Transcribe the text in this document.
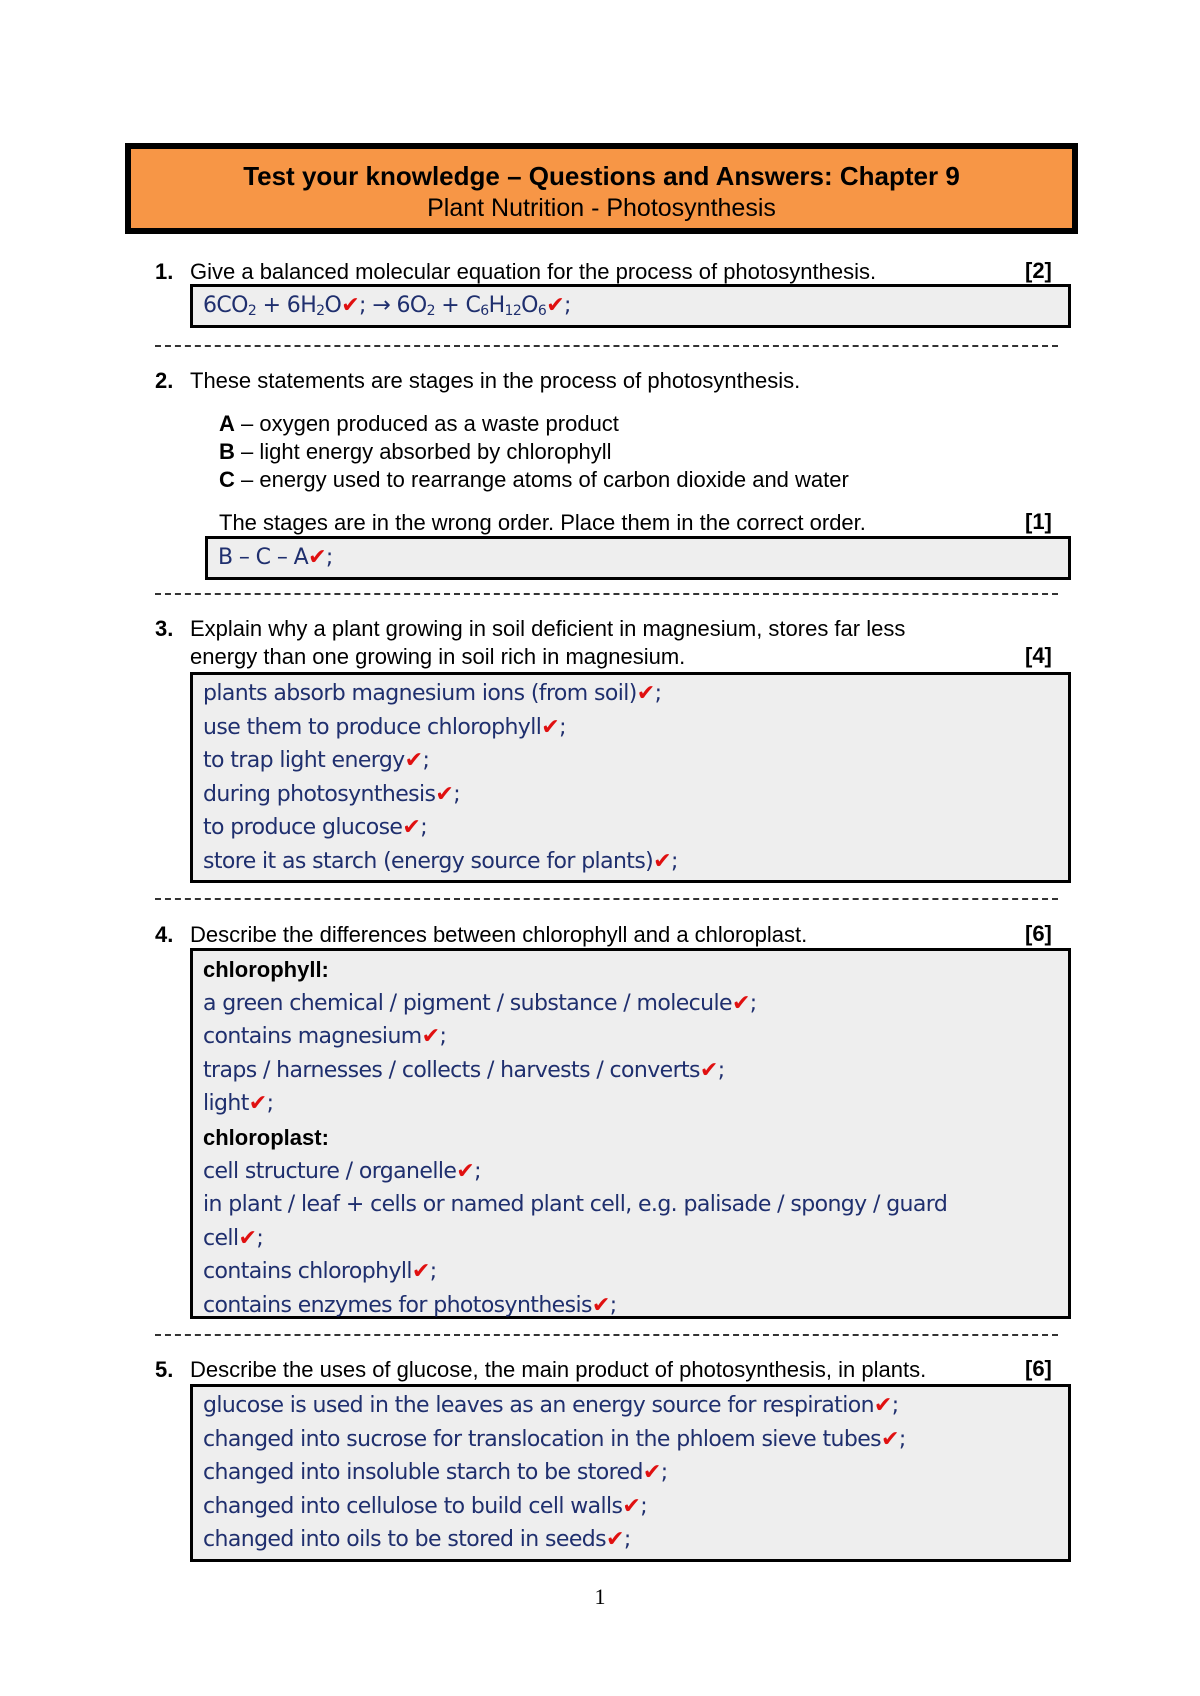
Test your knowledge – Questions and Answers: Chapter 9
Plant Nutrition - Photosynthesis
1. Give a balanced molecular equation for the process of photosynthesis.	[2]
$6CO_2$ + $6H_2O✔$; → $6O_2$ + $C_6H_{12}O_6✔$;
2. These statements are stages in the process of photosynthesis.
A – oxygen produced as a waste product
B – light energy absorbed by chlorophyll
C – energy used to rearrange atoms of carbon dioxide and water
The stages are in the wrong order. Place them in the correct order.	[1]
B – C – A✔;
3. Explain why a plant growing in soil deficient in magnesium, stores far less
energy than one growing in soil rich in magnesium.	[4]
plants absorb magnesium ions (from soil)✔;
use them to produce chlorophyll✔;
to trap light energy✔;
during photosynthesis✔;
to produce glucose✔;
store it as starch (energy source for plants)✔;
4. Describe the differences between chlorophyll and a chloroplast.	[6]
chlorophyll:
a green chemical / pigment / substance / molecule✔;
contains magnesium✔;
traps / harnesses / collects / harvests / converts✔;
light✔;
chloroplast:
cell structure / organelle✔;
in plant / leaf + cells or named plant cell, e.g. palisade / spongy / guard
cell✔;
contains chlorophyll✔;
contains enzymes for photosynthesis✔;
5. Describe the uses of glucose, the main product of photosynthesis, in plants.	[6]
glucose is used in the leaves as an energy source for respiration✔;
changed into sucrose for translocation in the phloem sieve tubes✔;
changed into insoluble starch to be stored✔;
changed into cellulose to build cell walls✔;
changed into oils to be stored in seeds✔;
1
